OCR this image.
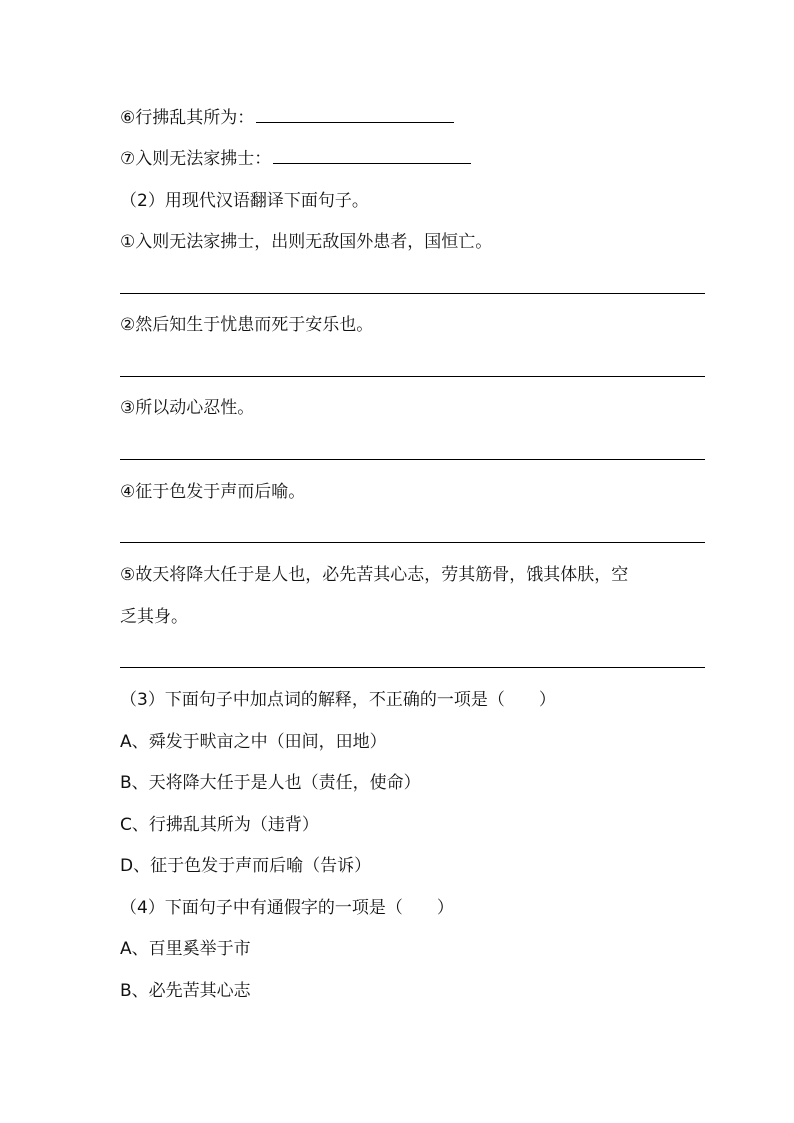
⑥行拂乱其所为：
⑦入则无法家拂士：
（2）用现代汉语翻译下面句子。
①入则无法家拂士，出则无敌国外患者，国恒亡。
②然后知生于忧患而死于安乐也。
③所以动心忍性。
④征于色发于声而后喻。
⑤故天将降大任于是人也，必先苦其心志，劳其筋骨，饿其体肤，空
乏其身。
（3）下面句子中加点词的解释，不正确的一项是（　　）
A、舜发于畎亩之中（田间，田地）
B、天将降大任于是人也（责任，使命）
C、行拂乱其所为（违背）
D、征于色发于声而后喻（告诉）
（4）下面句子中有通假字的一项是（　　）
A、百里奚举于市
B、必先苦其心志
